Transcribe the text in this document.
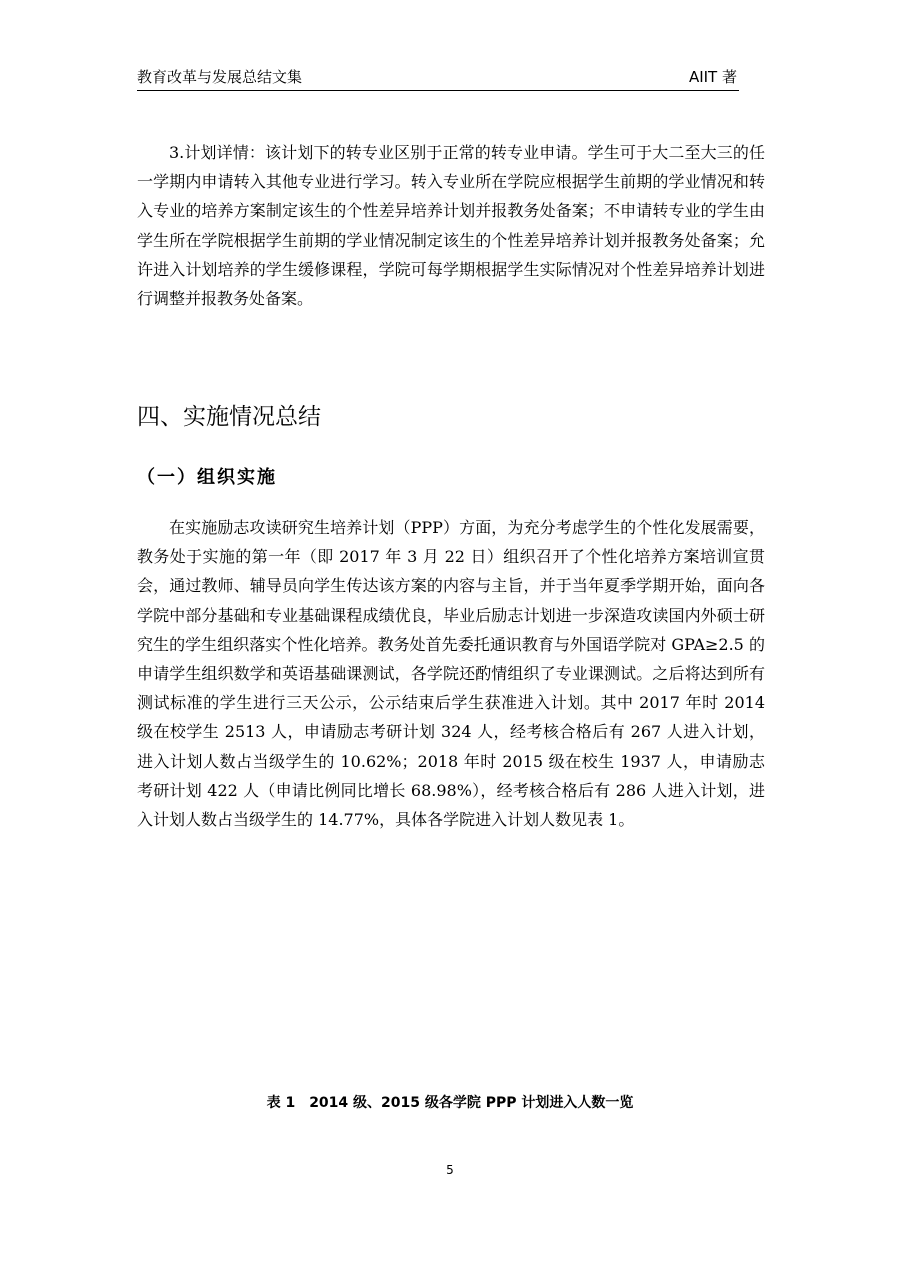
教育改革与发展总结文集	AIIT 著

3.计划详情：该计划下的转专业区别于正常的转专业申请。学生可于大二至大三的任一学期内申请转入其他专业进行学习。转入专业所在学院应根据学生前期的学业情况和转入专业的培养方案制定该生的个性差异培养计划并报教务处备案；不申请转专业的学生由学生所在学院根据学生前期的学业情况制定该生的个性差异培养计划并报教务处备案；允许进入计划培养的学生缓修课程，学院可每学期根据学生实际情况对个性差异培养计划进行调整并报教务处备案。

四、实施情况总结
（一）组织实施

在实施励志攻读研究生培养计划（PPP）方面，为充分考虑学生的个性化发展需要，教务处于实施的第一年（即 2017 年 3 月 22 日）组织召开了个性化培养方案培训宣贯会，通过教师、辅导员向学生传达该方案的内容与主旨，并于当年夏季学期开始，面向各学院中部分基础和专业基础课程成绩优良，毕业后励志计划进一步深造攻读国内外硕士研究生的学生组织落实个性化培养。教务处首先委托通识教育与外国语学院对 GPA≥2.5 的申请学生组织数学和英语基础课测试，各学院还酌情组织了专业课测试。之后将达到所有测试标准的学生进行三天公示，公示结束后学生获准进入计划。其中 2017 年时 2014 级在校学生 2513 人，申请励志考研计划 324 人，经考核合格后有 267 人进入计划，进入计划人数占当级学生的 10.62%；2018 年时 2015 级在校生 1937 人，申请励志考研计划 422 人（申请比例同比增长 68.98%），经考核合格后有 286 人进入计划，进入计划人数占当级学生的 14.77%，具体各学院进入计划人数见表 1。

表 1　2014 级、2015 级各学院 PPP 计划进入人数一览
5
